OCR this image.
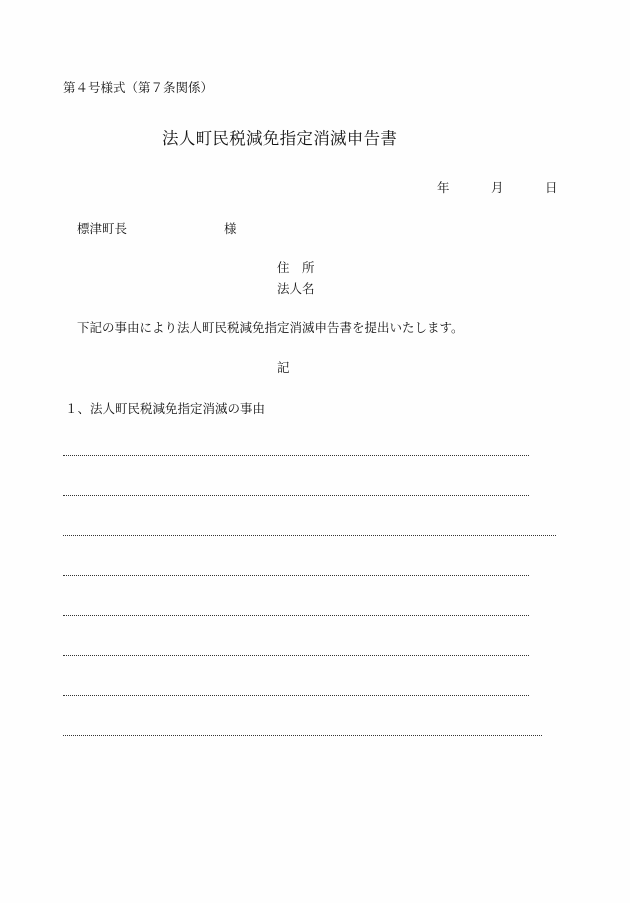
第４号様式（第７条関係）
法人町民税減免指定消滅申告書
年	月	日
標津町長	様
住　所
法人名
下記の事由により法人町民税減免指定消滅申告書を提出いたします。
記
１、法人町民税減免指定消滅の事由
